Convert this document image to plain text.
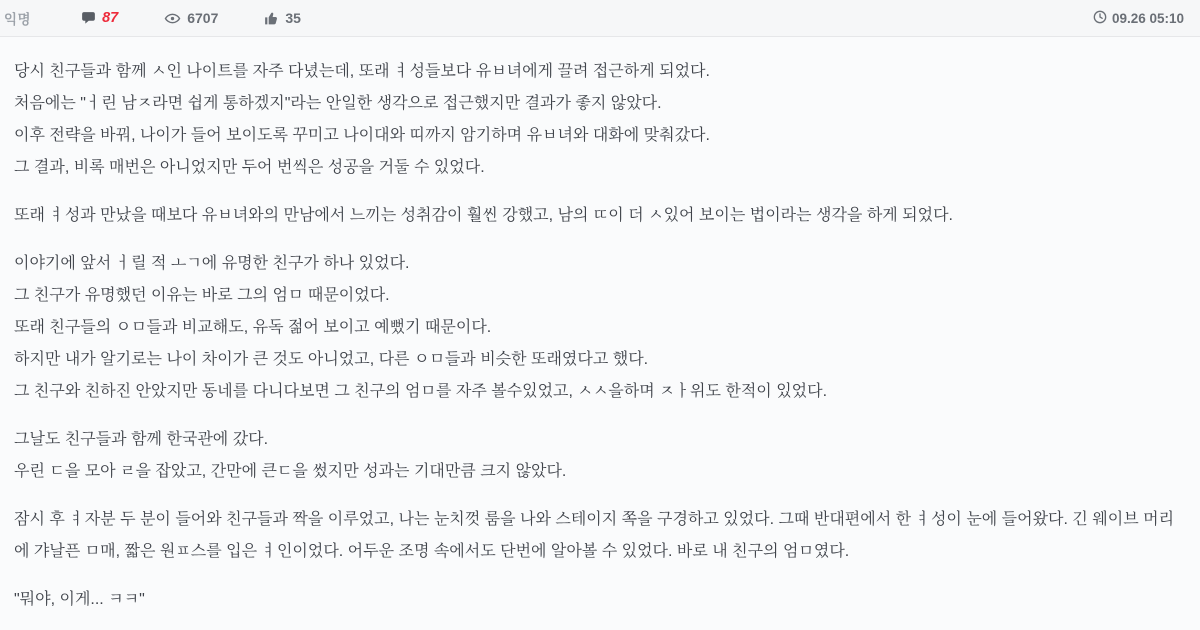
익명	87	6707	35	09.26 05:10
당시 친구들과 함께 ㅅ인 나이트를 자주 다녔는데, 또래 ㅕ성들보다 유ㅂ녀에게 끌려 접근하게 되었다.
처음에는 "ㅓ린 남ㅈ라면 쉽게 통하겠지"라는 안일한 생각으로 접근했지만 결과가 좋지 않았다.
이후 전략을 바꿔, 나이가 들어 보이도록 꾸미고 나이대와 띠까지 암기하며 유ㅂ녀와 대화에 맞춰갔다.
그 결과, 비록 매번은 아니었지만 두어 번씩은 성공을 거둘 수 있었다.
또래 ㅕ성과 만났을 때보다 유ㅂ녀와의 만남에서 느끼는 성취감이 훨씬 강했고, 남의 ㄸ이 더 ㅅ있어 보이는 법이라는 생각을 하게 되었다.
이야기에 앞서 ㅓ릴 적 ㅗㄱ에 유명한 친구가 하나 있었다.
그 친구가 유명했던 이유는 바로 그의 엄ㅁ 때문이었다.
또래 친구들의 ㅇㅁ들과 비교해도, 유독 젊어 보이고 예뻤기 때문이다.
하지만 내가 알기로는 나이 차이가 큰 것도 아니었고, 다른 ㅇㅁ들과 비슷한 또래였다고 했다.
그 친구와 친하진 안았지만 동네를 다니다보면 그 친구의 엄ㅁ를 자주 볼수있었고, ㅅㅅ을하며 ㅈㅏ위도 한적이 있었다.
그날도 친구들과 함께 한국관에 갔다.
우린 ㄷ을 모아 ㄹ을 잡았고, 간만에 큰ㄷ을 썼지만 성과는 기대만큼 크지 않았다.
잠시 후 ㅕ자분 두 분이 들어와 친구들과 짝을 이루었고, 나는 눈치껏 룸을 나와 스테이지 쪽을 구경하고 있었다. 그때 반대편에서 한 ㅕ성이 눈에 들어왔다. 긴 웨이브 머리에 갸날픈 ㅁ매, 짧은 원ㅍ스를 입은 ㅕ인이었다. 어두운 조명 속에서도 단번에 알아볼 수 있었다. 바로 내 친구의 엄ㅁ였다.
"뭐야, 이게... ㅋㅋ"
